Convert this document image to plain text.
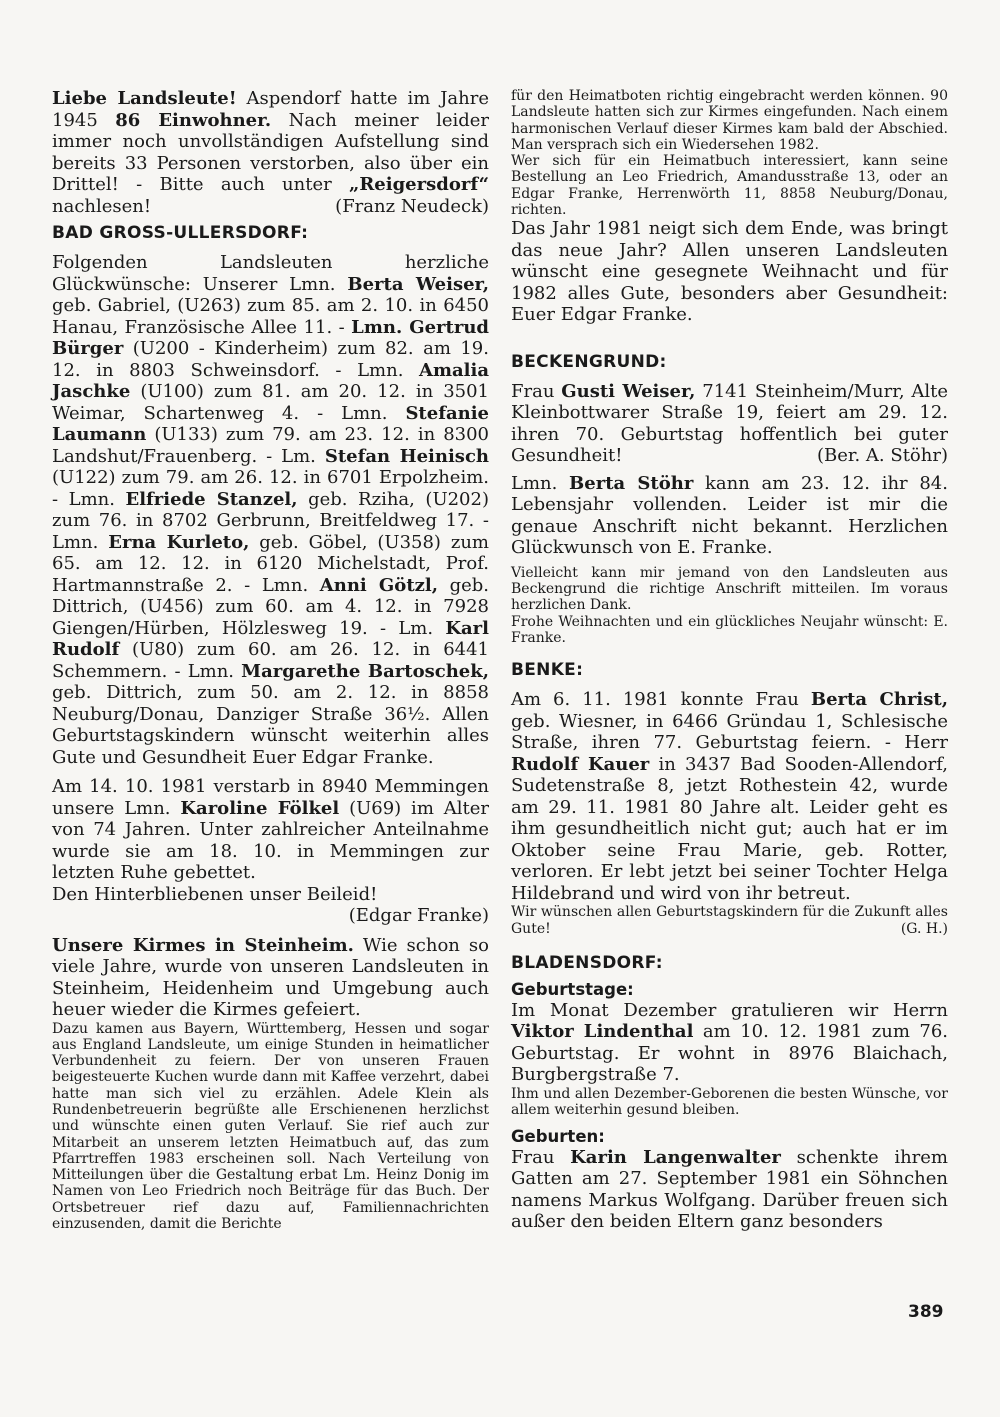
Liebe Landsleute! Aspendorf hatte im Jahre 1945 86 Einwohner. Nach meiner leider immer noch unvollständigen Aufstellung sind bereits 33 Personen verstorben, also über ein Drittel! - Bitte auch unter „Reigersdorf“ nachlesen!	(Franz Neudeck)

BAD GROSS-ULLERSDORF:

Folgenden Landsleuten herzliche Glückwünsche: Unserer Lmn. Berta Weiser, geb. Gabriel, (U263) zum 85. am 2. 10. in 6450 Hanau, Französische Allee 11. - Lmn. Gertrud Bürger (U200 - Kinderheim) zum 82. am 19. 12. in 8803 Schweinsdorf. - Lmn. Amalia Jaschke (U100) zum 81. am 20. 12. in 3501 Weimar, Schartenweg 4. - Lmn. Stefanie Laumann (U133) zum 79. am 23. 12. in 8300 Landshut/Frauenberg. - Lm. Stefan Heinisch (U122) zum 79. am 26. 12. in 6701 Erpolzheim. - Lmn. Elfriede Stanzel, geb. Rziha, (U202) zum 76. in 8702 Gerbrunn, Breitfeldweg 17. - Lmn. Erna Kurleto, geb. Göbel, (U358) zum 65. am 12. 12. in 6120 Michelstadt, Prof. Hartmannstraße 2. - Lmn. Anni Götzl, geb. Dittrich, (U456) zum 60. am 4. 12. in 7928 Giengen/Hürben, Hölzlesweg 19. - Lm. Karl Rudolf (U80) zum 60. am 26. 12. in 6441 Schemmern. - Lmn. Margarethe Bartoschek, geb. Dittrich, zum 50. am 2. 12. in 8858 Neuburg/Donau, Danziger Straße 36½. Allen Geburtstagskindern wünscht weiterhin alles Gute und Gesundheit Euer Edgar Franke.

Am 14. 10. 1981 verstarb in 8940 Memmingen unsere Lmn. Karoline Fölkel (U69) im Alter von 74 Jahren. Unter zahlreicher Anteilnahme wurde sie am 18. 10. in Memmingen zur letzten Ruhe gebettet.

Den Hinterbliebenen unser Beileid!

(Edgar Franke)

Unsere Kirmes in Steinheim. Wie schon so viele Jahre, wurde von unseren Landsleuten in Steinheim, Heidenheim und Umgebung auch heuer wieder die Kirmes gefeiert.

Dazu kamen aus Bayern, Württemberg, Hessen und sogar aus England Landsleute, um einige Stunden in heimatlicher Verbundenheit zu feiern. Der von unseren Frauen beigesteuerte Kuchen wurde dann mit Kaffee verzehrt, dabei hatte man sich viel zu erzählen. Adele Klein als Rundenbetreuerin begrüßte alle Erschienenen herzlichst und wünschte einen guten Verlauf. Sie rief auch zur Mitarbeit an unserem letzten Heimatbuch auf, das zum Pfarrtreffen 1983 erscheinen soll. Nach Verteilung von Mitteilungen über die Gestaltung erbat Lm. Heinz Donig im Namen von Leo Friedrich noch Beiträge für das Buch. Der Ortsbetreuer rief dazu auf, Familiennachrichten einzusenden, damit die Berichte

für den Heimatboten richtig eingebracht werden können. 90 Landsleute hatten sich zur Kirmes eingefunden. Nach einem harmonischen Verlauf dieser Kirmes kam bald der Abschied. Man versprach sich ein Wiedersehen 1982.

Wer sich für ein Heimatbuch interessiert, kann seine Bestellung an Leo Friedrich, Amandusstraße 13, oder an Edgar Franke, Herrenwörth 11, 8858 Neuburg/Donau, richten.

Das Jahr 1981 neigt sich dem Ende, was bringt das neue Jahr? Allen unseren Landsleuten wünscht eine gesegnete Weihnacht und für 1982 alles Gute, besonders aber Gesundheit: Euer Edgar Franke.

BECKENGRUND:

Frau Gusti Weiser, 7141 Steinheim/Murr, Alte Kleinbottwarer Straße 19, feiert am 29. 12. ihren 70. Geburtstag hoffentlich bei guter Gesundheit!	(Ber. A. Stöhr)

Lmn. Berta Stöhr kann am 23. 12. ihr 84. Lebensjahr vollenden. Leider ist mir die genaue Anschrift nicht bekannt. Herzlichen Glückwunsch von E. Franke.

Vielleicht kann mir jemand von den Landsleuten aus Beckengrund die richtige Anschrift mitteilen. Im voraus herzlichen Dank.

Frohe Weihnachten und ein glückliches Neujahr wünscht: E. Franke.

BENKE:

Am 6. 11. 1981 konnte Frau Berta Christ, geb. Wiesner, in 6466 Gründau 1, Schlesische Straße, ihren 77. Geburtstag feiern. - Herr Rudolf Kauer in 3437 Bad Sooden-Allendorf, Sudetenstraße 8, jetzt Rothestein 42, wurde am 29. 11. 1981 80 Jahre alt. Leider geht es ihm gesundheitlich nicht gut; auch hat er im Oktober seine Frau Marie, geb. Rotter, verloren. Er lebt jetzt bei seiner Tochter Helga Hildebrand und wird von ihr betreut.

Wir wünschen allen Geburtstagskindern für die Zukunft alles Gute!	(G. H.)

BLADENSDORF:

Geburtstage:

Im Monat Dezember gratulieren wir Herrn Viktor Lindenthal am 10. 12. 1981 zum 76. Geburtstag. Er wohnt in 8976 Blaichach, Burgbergstraße 7.

Ihm und allen Dezember-Geborenen die besten Wünsche, vor allem weiterhin gesund bleiben.

Geburten:

Frau Karin Langenwalter schenkte ihrem Gatten am 27. September 1981 ein Söhnchen namens Markus Wolfgang. Darüber freuen sich außer den beiden Eltern ganz besonders

389
